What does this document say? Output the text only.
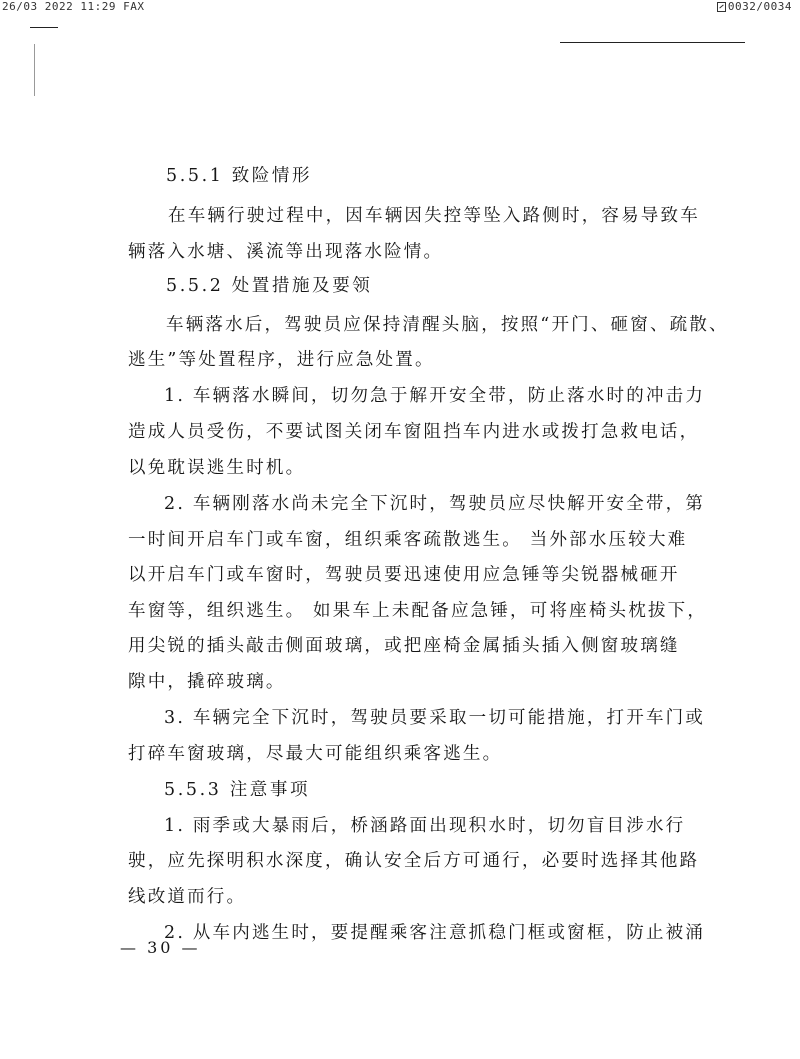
26/03 2022 11:29 FAX	0032/0034
5.5.1 致险情形
在车辆行驶过程中，因车辆因失控等坠入路侧时，容易导致车
辆落入水塘、溪流等出现落水险情。
5.5.2 处置措施及要领
车辆落水后，驾驶员应保持清醒头脑，按照“开门、砸窗、疏散、
逃生”等处置程序，进行应急处置。
1. 车辆落水瞬间，切勿急于解开安全带，防止落水时的冲击力
造成人员受伤，不要试图关闭车窗阻挡车内进水或拨打急救电话，
以免耽误逃生时机。
2. 车辆刚落水尚未完全下沉时，驾驶员应尽快解开安全带，第
一时间开启车门或车窗，组织乘客疏散逃生。 当外部水压较大难
以开启车门或车窗时，驾驶员要迅速使用应急锤等尖锐器械砸开
车窗等，组织逃生。 如果车上未配备应急锤，可将座椅头枕拔下，
用尖锐的插头敲击侧面玻璃，或把座椅金属插头插入侧窗玻璃缝
隙中，撬碎玻璃。
3. 车辆完全下沉时，驾驶员要采取一切可能措施，打开车门或
打碎车窗玻璃，尽最大可能组织乘客逃生。
5.5.3 注意事项
1. 雨季或大暴雨后，桥涵路面出现积水时，切勿盲目涉水行
驶，应先探明积水深度，确认安全后方可通行，必要时选择其他路
线改道而行。
2. 从车内逃生时，要提醒乘客注意抓稳门框或窗框，防止被涌
— 30 —
